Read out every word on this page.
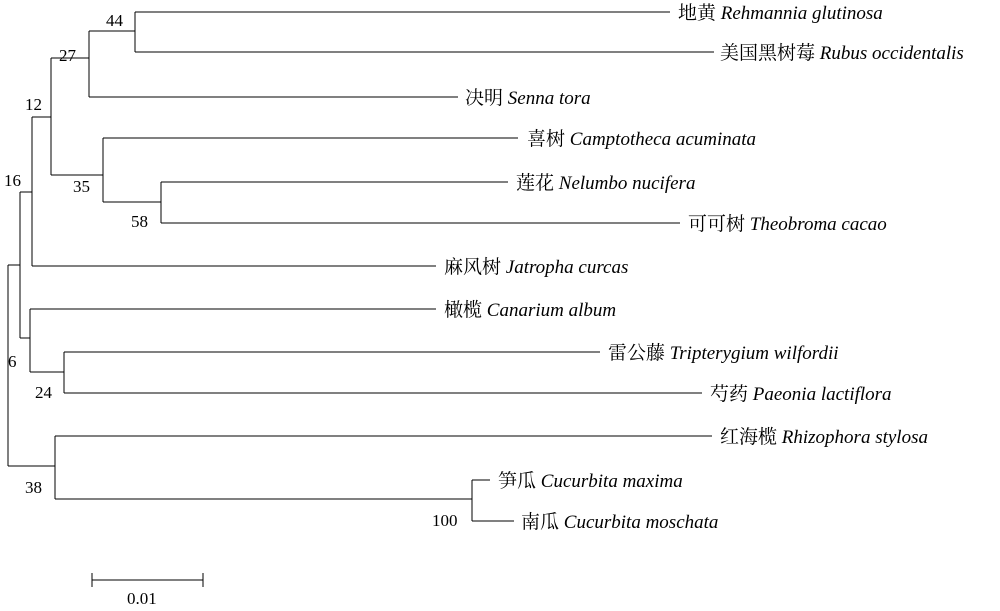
地黄 Rehmannia glutinosa
美国黑树莓 Rubus occidentalis
决明 Senna tora
喜树 Camptotheca acuminata
莲花 Nelumbo nucifera
可可树 Theobroma cacao
麻风树 Jatropha curcas
橄榄 Canarium album
雷公藤 Tripterygium wilfordii
芍药 Paeonia lactiflora
红海榄 Rhizophora stylosa
笋瓜 Cucurbita maxima
南瓜 Cucurbita moschata
44
27
12
16	35
58
6
24
38
100
0.01
